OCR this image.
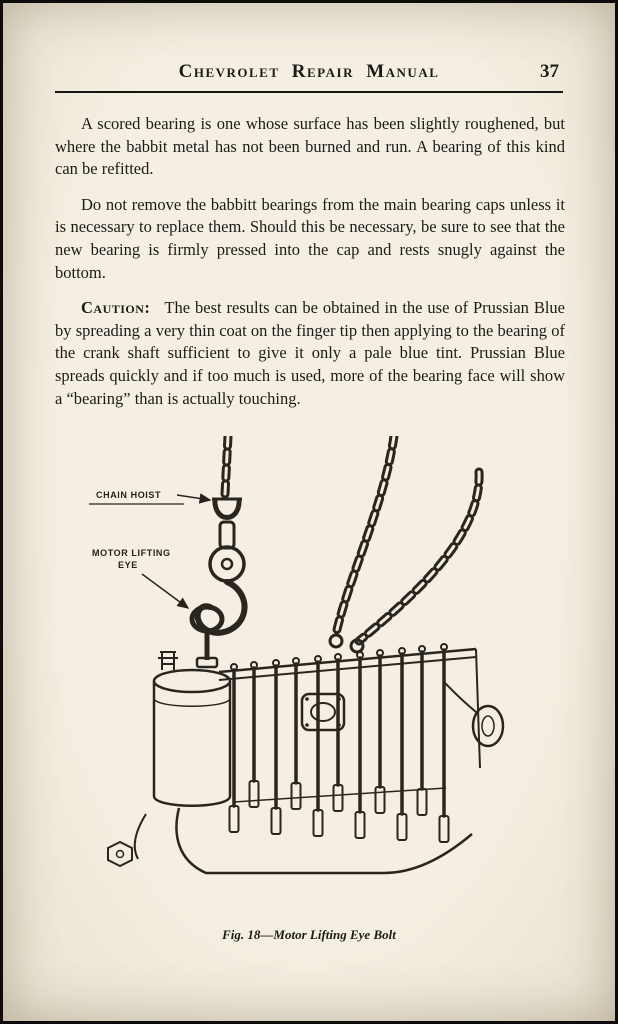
Chevrolet Repair Manual	37

A scored bearing is one whose surface has been slightly roughened, but where the babbit metal has not been burned and run. A bearing of this kind can be refitted.

Do not remove the babbitt bearings from the main bearing caps unless it is necessary to replace them. Should this be necessary, be sure to see that the new bearing is firmly pressed into the cap and rests snugly against the bottom.

Caution: The best results can be obtained in the use of Prussian Blue by spreading a very thin coat on the finger tip then applying to the bearing of the crank shaft sufficient to give it only a pale blue tint. Prussian Blue spreads quickly and if too much is used, more of the bearing face will show a “bearing” than is actually touching.

CHAIN HOIST
MOTOR LIFTING
EYE
Fig. 18—Motor Lifting Eye Bolt
